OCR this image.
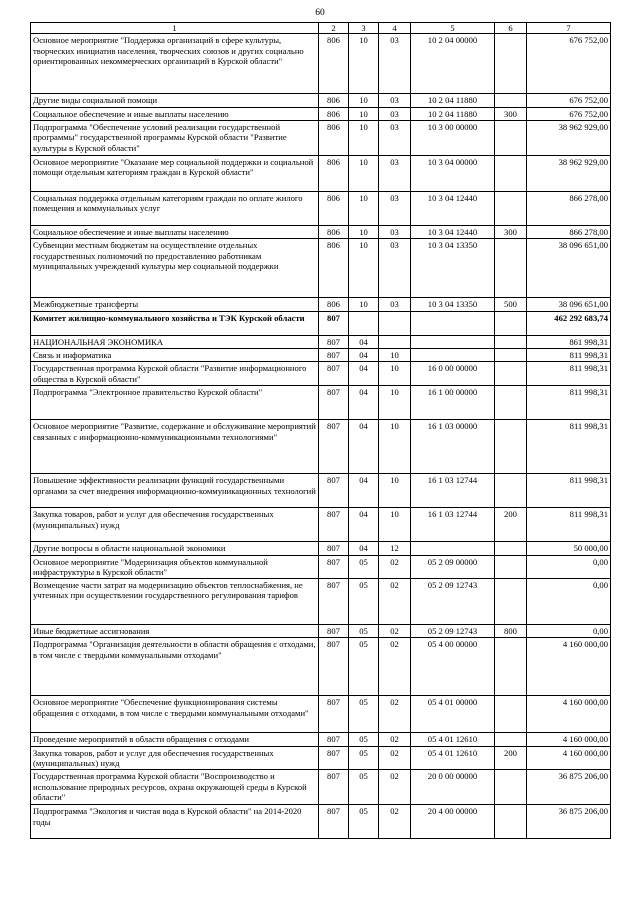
60
1	2	3	4	5	6	7
Основное мероприятие "Поддержка организаций в сфере культуры, творческих инициатив населения, творческих союзов и других социально ориентированных некоммерческих организаций в Курской области"	806	10	03	10 2 04 00000		676 752,00
Другие виды социальной помощи	806	10	03	10 2 04 11880		676 752,00
Социальное обеспечение и иные выплаты населению	806	10	03	10 2 04 11880	300	676 752,00
Подпрограмма "Обеспечение условий реализации государственной программы" государственной программы Курской области "Развитие культуры в Курской области"	806	10	03	10 3 00 00000		38 962 929,00
Основное мероприятие "Оказание мер социальной поддержки и социальной помощи отдельным категориям граждан в Курской области"	806	10	03	10 3 04 00000		38 962 929,00
Социальная поддержка отдельным категориям граждан по оплате жилого помещения и коммунальных услуг	806	10	03	10 3 04 12440		866 278,00
Социальное обеспечение и иные выплаты населению	806	10	03	10 3 04 12440	300	866 278,00
Субвенции местным бюджетам на осуществление отдельных государственных полномочий по предоставлению работникам муниципальных учреждений культуры мер социальной поддержки	806	10	03	10 3 04 13350		38 096 651,00
Межбюджетные трансферты	806	10	03	10 3 04 13350	500	38 096 651,00
Комитет жилищно-коммунального хозяйства и ТЭК Курской области	807					462 292 683,74
НАЦИОНАЛЬНАЯ ЭКОНОМИКА	807	04				861 998,31
Связь и информатика	807	04	10			811 998,31
Государственная программа Курской области "Развитие информационного общества в Курской области"	807	04	10	16 0 00 00000		811 998,31
Подпрограмма "Электронное правительство Курской области"	807	04	10	16 1 00 00000		811 998,31
Основное мероприятие "Развитие, содержание и обслуживание мероприятий связанных с информационно-коммуникационными технологиями"	807	04	10	16 1 03 00000		811 998,31
Повышение эффективности реализации функций государственными органами за счет внедрения информационно-коммуникационных технологий	807	04	10	16 1 03 12744		811 998,31
Закупка товаров, работ и услуг для обеспечения государственных (муниципальных) нужд	807	04	10	16 1 03 12744	200	811 998,31
Другие вопросы в области национальной экономики	807	04	12			50 000,00
Основное мероприятие "Модернизация объектов коммунальной инфраструктуры в Курской области"	807	05	02	05 2 09 00000		0,00
Возмещение части затрат на модернизацию объектов теплоснабжения, не учтенных при осуществлении государственного регулирования тарифов	807	05	02	05 2 09 12743		0,00
Иные бюджетные ассигнования	807	05	02	05 2 09 12743	800	0,00
Подпрограмма "Организация деятельности в области обращения с отходами, в том числе с твердыми коммунальными отходами"	807	05	02	05 4 00 00000		4 160 000,00
Основное мероприятие "Обеспечение функционирования системы обращения с отходами, в том числе с твердыми коммунальными отходами"	807	05	02	05 4 01 00000		4 160 000,00
Проведение мероприятий в области обращения с отходами	807	05	02	05 4 01 12610		4 160 000,00
Закупка товаров, работ и услуг для обеспечения государственных (муниципальных) нужд	807	05	02	05 4 01 12610	200	4 160 000,00
Государственная программа Курской области "Воспроизводство и использование природных ресурсов, охрана окружающей среды в Курской области"	807	05	02	20 0 00 00000		36 875 206,00
Подпрограмма "Экология и чистая вода в Курской области" на 2014-2020 годы	807	05	02	20 4 00 00000		36 875 206,00
